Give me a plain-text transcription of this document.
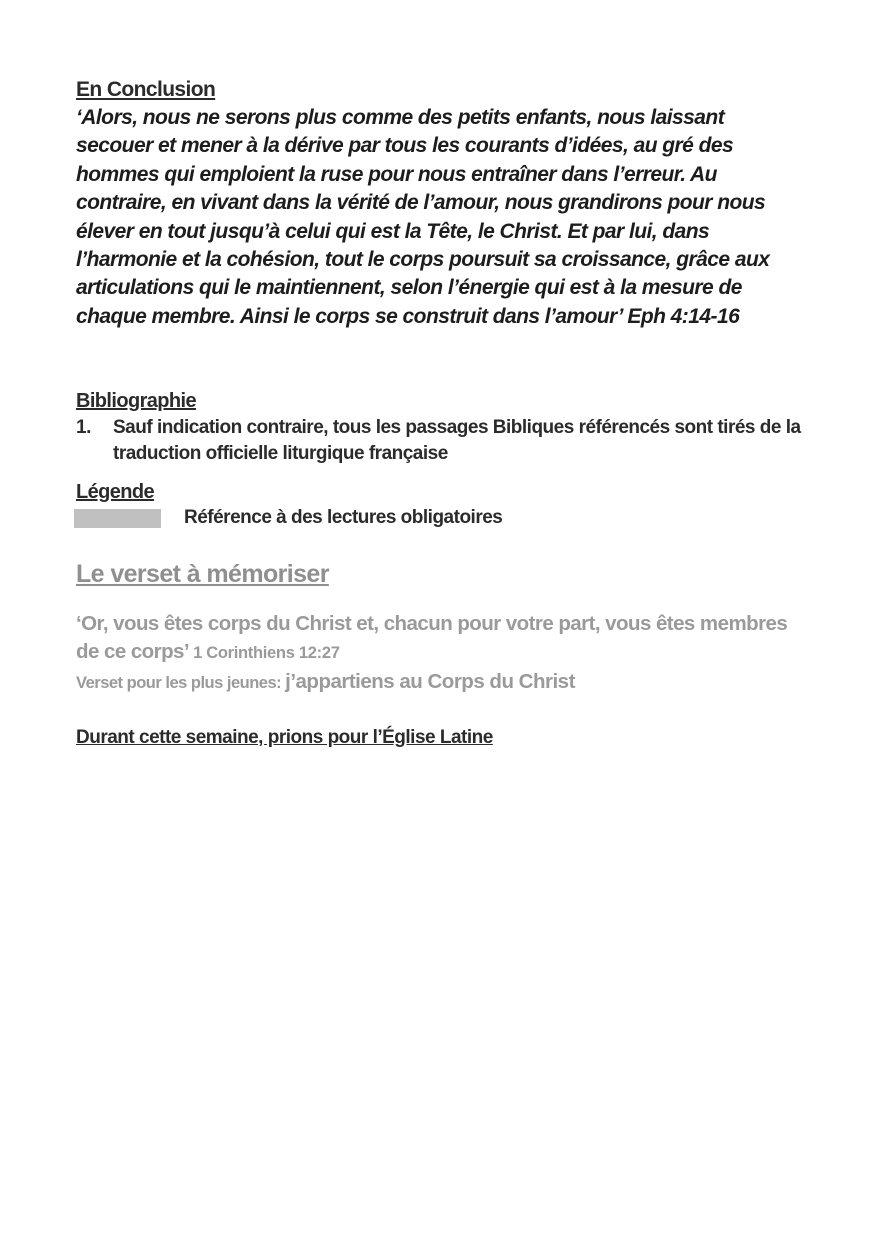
En Conclusion

‘Alors, nous ne serons plus comme des petits enfants, nous laissant secouer et mener à la dérive par tous les courants d’idées, au gré des hommes qui emploient la ruse pour nous entraîner dans l’erreur. Au contraire, en vivant dans la vérité de l’amour, nous grandirons pour nous élever en tout jusqu’à celui qui est la Tête, le Christ. Et par lui, dans l’harmonie et la cohésion, tout le corps poursuit sa croissance, grâce aux articulations qui le maintiennent, selon l’énergie qui est à la mesure de chaque membre. Ainsi le corps se construit dans l’amour’ Eph 4:14-16

Bibliographie
1.	Sauf indication contraire, tous les passages Bibliques référencés sont tirés de la traduction officielle liturgique française
Légende
Référence à des lectures obligatoires
Le verset à mémoriser

‘Or, vous êtes corps du Christ et, chacun pour votre part, vous êtes membres de ce corps’ 1 Corinthiens 12:27

Verset pour les plus jeunes: j’appartiens au Corps du Christ
Durant cette semaine, prions pour l’Église Latine
